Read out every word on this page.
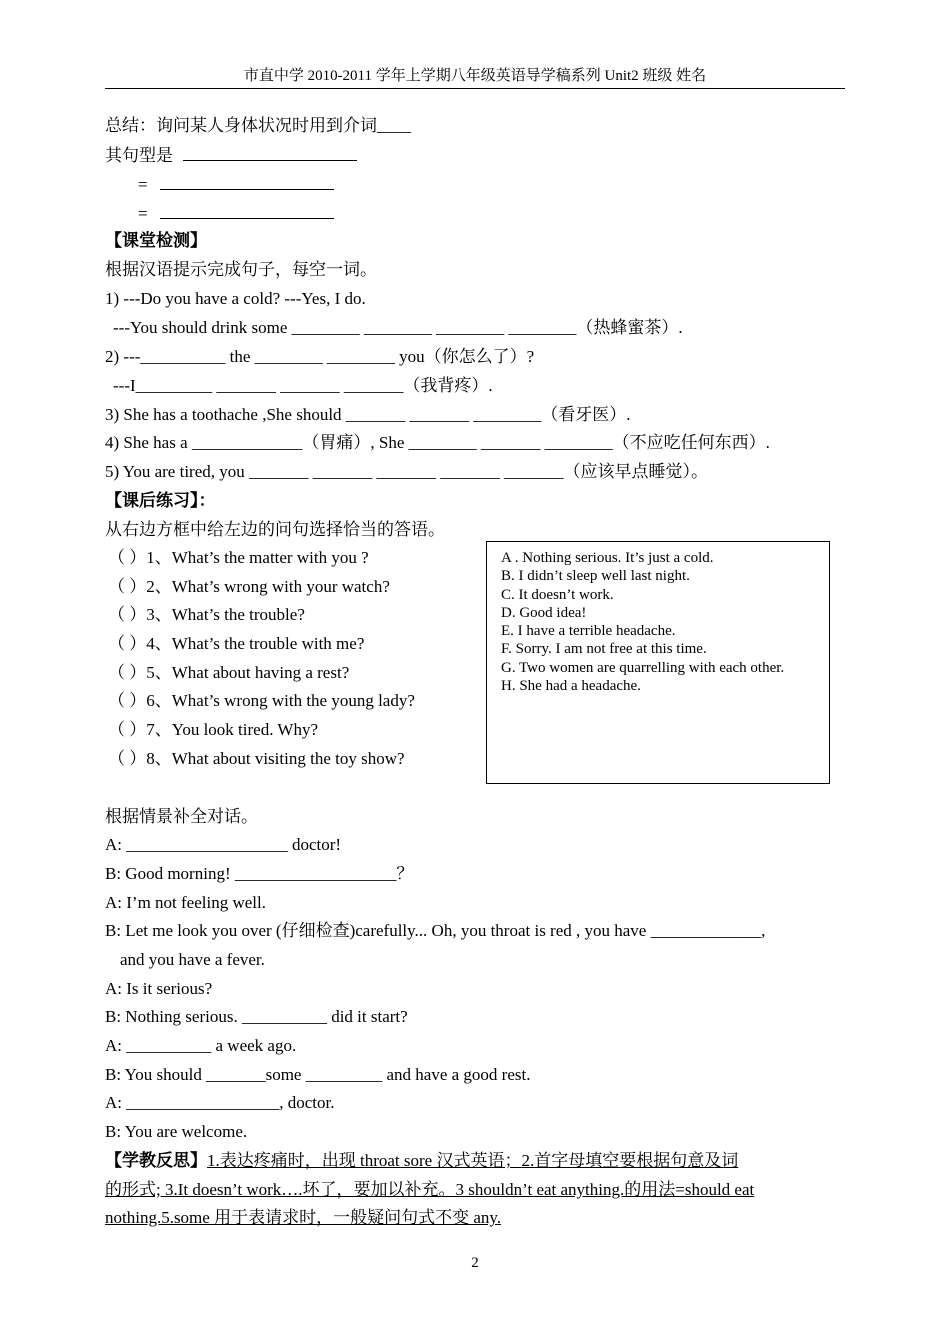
市直中学 2010-2011 学年上学期八年级英语导学稿系列 Unit2 班级 姓名
总结：询问某人身体状况时用到介词____
其句型是
=
=
【课堂检测】
根据汉语提示完成句子，每空一词。
1) ---Do you have a cold? ---Yes, I do.
---You should drink some ________ ________ ________ ________（热蜂蜜茶）.
2) ---__________ the ________ ________ you（你怎么了）?
---I_________ _______ _______ _______（我背疼）.
3) She has a toothache ,She should _______ _______ ________（看牙医）.
4) She has a _____________（胃痛）, She ________ _______ ________（不应吃任何东西）.
5) You are tired, you _______ _______ _______ _______ _______（应该早点睡觉）。
【课后练习】：
从右边方框中给左边的问句选择恰当的答语。
（ ）1、What’s the matter with you ?
（ ）2、What’s wrong with your watch?
（ ）3、What’s the trouble?
（ ）4、What’s the trouble with me?
（ ）5、What about having a rest?
（ ）6、What’s wrong with the young lady?
（ ）7、You look tired. Why?
（ ）8、What about visiting the toy show?
A . Nothing serious. It’s just a cold.
B. I didn’t sleep well last night.
C. It doesn’t work.
D. Good idea!
E. I have a terrible headache.
F. Sorry. I am not free at this time.
G. Two women are quarrelling with each other.
H. She had a headache.
根据情景补全对话。
A: ___________________ doctor!
B: Good morning! ___________________？
A: I’m not feeling well.
B: Let me look you over (仔细检查)carefully... Oh, you throat is red , you have _____________,
and you have a fever.
A: Is it serious?
B: Nothing serious. __________ did it start?
A: __________ a week ago.
B: You should _______some _________ and have a good rest.
A: __________________, doctor.
B: You are welcome.
【学教反思】1.表达疼痛时，出现 throat sore 汉式英语；2.首字母填空要根据句意及词
的形式; 3.It doesn’t work….坏了，要加以补充。3 shouldn’t eat anything.的用法=should eat
nothing.5.some 用于表请求时，一般疑问句式不变 any.
2
